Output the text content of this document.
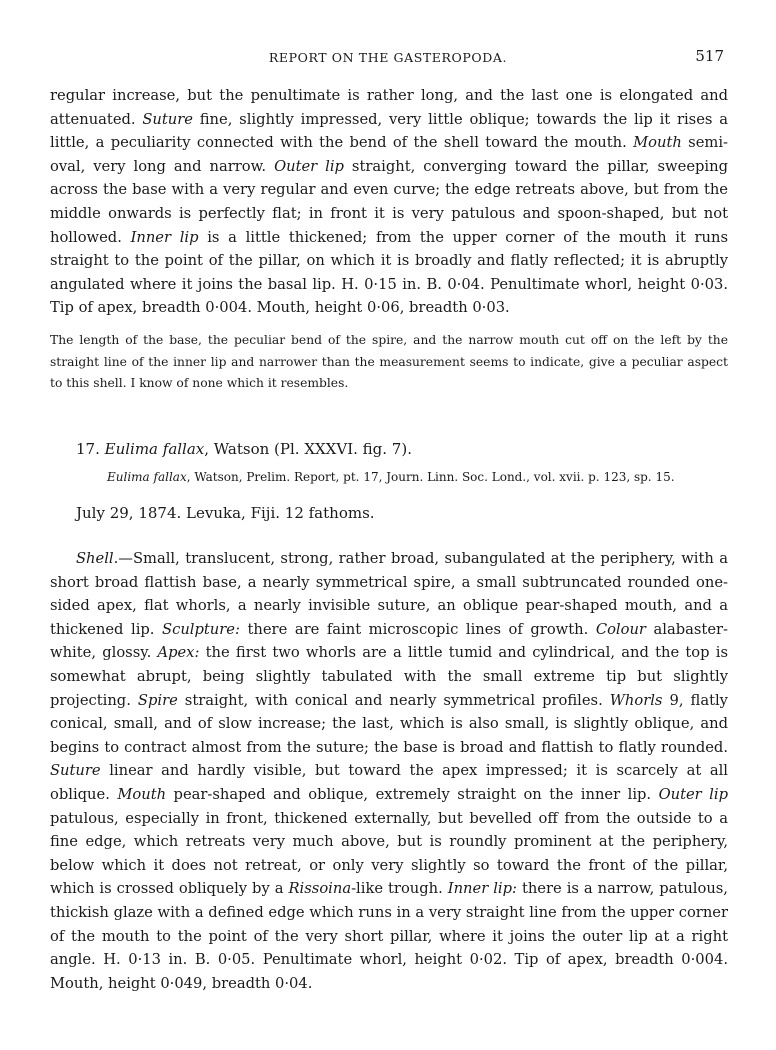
REPORT ON THE GASTEROPODA.	517

regular increase, but the penultimate is rather long, and the last one is elongated and attenuated. Suture fine, slightly impressed, very little oblique; towards the lip it rises a little, a peculiarity connected with the bend of the shell toward the mouth. Mouth semi-oval, very long and narrow. Outer lip straight, converging toward the pillar, sweeping across the base with a very regular and even curve; the edge retreats above, but from the middle onwards is perfectly flat; in front it is very patulous and spoon-shaped, but not hollowed. Inner lip is a little thickened; from the upper corner of the mouth it runs straight to the point of the pillar, on which it is broadly and flatly reflected; it is abruptly angulated where it joins the basal lip. H. 0·15 in. B. 0·04. Penultimate whorl, height 0·03. Tip of apex, breadth 0·004. Mouth, height 0·06, breadth 0·03.

The length of the base, the peculiar bend of the spire, and the narrow mouth cut off on the left by the straight line of the inner lip and narrower than the measurement seems to indicate, give a peculiar aspect to this shell. I know of none which it resembles.

17. Eulima fallax, Watson (Pl. XXXVI. fig. 7).
Eulima fallax, Watson, Prelim. Report, pt. 17, Journ. Linn. Soc. Lond., vol. xvii. p. 123, sp. 15.
July 29, 1874. Levuka, Fiji. 12 fathoms.

Shell.—Small, translucent, strong, rather broad, subangulated at the periphery, with a short broad flattish base, a nearly symmetrical spire, a small subtruncated rounded one-sided apex, flat whorls, a nearly invisible suture, an oblique pear-shaped mouth, and a thickened lip. Sculpture: there are faint microscopic lines of growth. Colour alabaster-white, glossy. Apex: the first two whorls are a little tumid and cylindrical, and the top is somewhat abrupt, being slightly tabulated with the small extreme tip but slightly projecting. Spire straight, with conical and nearly symmetrical profiles. Whorls 9, flatly conical, small, and of slow increase; the last, which is also small, is slightly oblique, and begins to contract almost from the suture; the base is broad and flattish to flatly rounded. Suture linear and hardly visible, but toward the apex impressed; it is scarcely at all oblique. Mouth pear-shaped and oblique, extremely straight on the inner lip. Outer lip patulous, especially in front, thickened externally, but bevelled off from the outside to a fine edge, which retreats very much above, but is roundly prominent at the periphery, below which it does not retreat, or only very slightly so toward the front of the pillar, which is crossed obliquely by a Rissoina-like trough. Inner lip: there is a narrow, patulous, thickish glaze with a defined edge which runs in a very straight line from the upper corner of the mouth to the point of the very short pillar, where it joins the outer lip at a right angle. H. 0·13 in. B. 0·05. Penultimate whorl, height 0·02. Tip of apex, breadth 0·004. Mouth, height 0·049, breadth 0·04.
